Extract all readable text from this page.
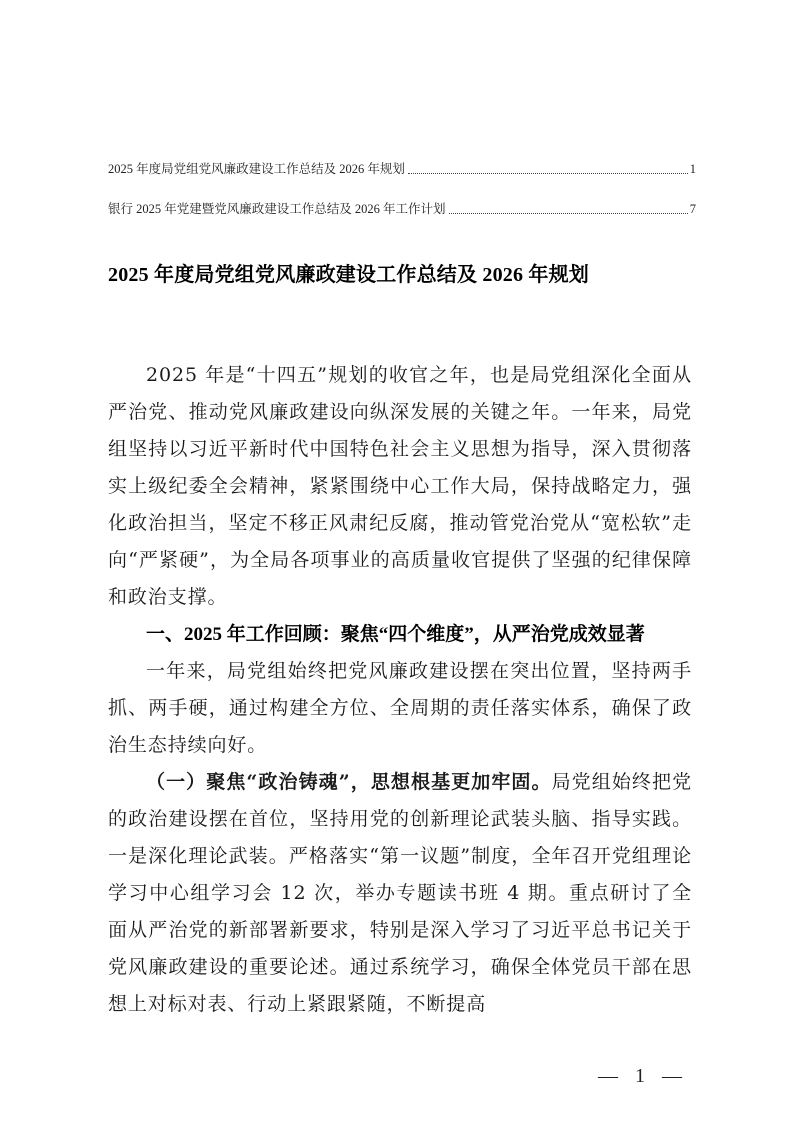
2025 年度局党组党风廉政建设工作总结及 2026 年规划	1
银行 2025 年党建暨党风廉政建设工作总结及 2026 年工作计划	7
2025 年度局党组党风廉政建设工作总结及 2026 年规划

2025 年是“十四五”规划的收官之年，也是局党组深化全面从严治党、推动党风廉政建设向纵深发展的关键之年。一年来，局党组坚持以习近平新时代中国特色社会主义思想为指导，深入贯彻落实上级纪委全会精神，紧紧围绕中心工作大局，保持战略定力，强化政治担当，坚定不移正风肃纪反腐，推动管党治党从“宽松软”走向“严紧硬”，为全局各项事业的高质量收官提供了坚强的纪律保障和政治支撑。

一、2025 年工作回顾：聚焦“四个维度”，从严治党成效显著

一年来，局党组始终把党风廉政建设摆在突出位置，坚持两手抓、两手硬，通过构建全方位、全周期的责任落实体系，确保了政治生态持续向好。

（一）聚焦“政治铸魂”，思想根基更加牢固。局党组始终把党的政治建设摆在首位，坚持用党的创新理论武装头脑、指导实践。一是深化理论武装。严格落实“第一议题”制度，全年召开党组理论学习中心组学习会 12 次，举办专题读书班 4 期。重点研讨了全面从严治党的新部署新要求，特别是深入学习了习近平总书记关于党风廉政建设的重要论述。通过系统学习，确保全体党员干部在思想上对标对表、行动上紧跟紧随，不断提高

— 1 —
